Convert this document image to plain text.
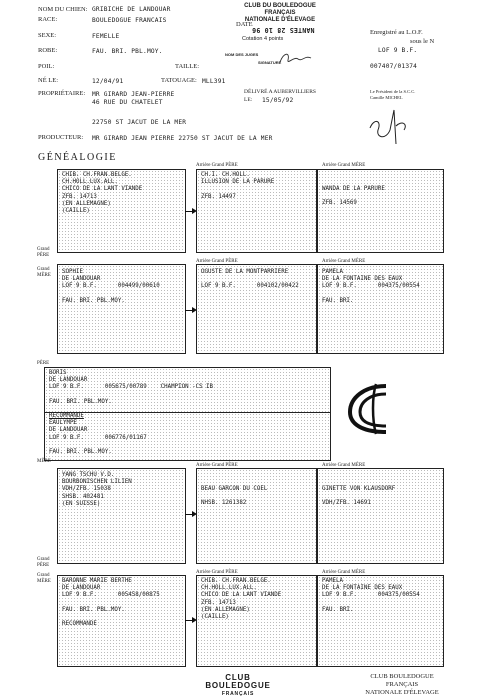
NOM DU CHIEN: GRIBICHE DE LANDOUAR
RACE:	BOULEDOGUE FRANCAIS
SEXE:	FEMELLE
ROBE:	FAU. BRI. PBL.MOY.
POIL:	TAILLE:
NÉ LE:	12/04/91	TATOUAGE: MLL391
PROPRIÉTAIRE: MR GIRARD JEAN-PIERRE
46 RUE DU CHATELET
22750 ST JACUT DE LA MER
PRODUCTEUR: MR GIRARD JEAN PIERRE 22750 ST JACUT DE LA MER
CLUB DU BOULEDOGUE FRANÇAIS
NATIONALE D'ÉLEVAGE
DATE
NANTES 28 10 96
Cotation 4 points
NOM DES JUGES
SIGNATURE
DÉLIVRÉ A AUBERVILLIERS
LE: 15/05/92
Enregistré au L.O.F.
sous le N
LOF 9 B.F.
007407/01374
Le Président de la S.C.C.
Camille MICHEL
GÉNÉALOGIE
Arrière Grand PÈRE	Arrière Grand MÈRE
CHIB. CH.FRAN.BELGE.
CH.HOLL.LUX.ALL.
CHICO DE LA LANT VIANDE
ZFB. 14713
(EN ALLEMAGNE)
(CAILLE)
CH.I. CH.HOLL.
ILLUSION DE LA PARURE

ZFB. 14497
WANDA DE LA PARURE

ZFB. 14569
Grand PÈRE
Grand MÈRE
Arrière Grand PÈRE	Arrière Grand MÈRE
SOPHIE
DE LANDOUAR
LOF 9 B.F.      004499/00610

FAU. BRI. PBL.MOY.
OGUSTE DE LA MONTPARRIERE

LOF 9 B.F.      004102/00422
PAMELA
DE LA FONTAINE DES EAUX
LOF 9 B.F.      004375/00554

FAU. BRI.
PÈRE
BORIS
DE LANDOUAR
LOF 9 B.F.      005675/00789    CHAMPION -CS IB

FAU. BRI. PBL.MOY.
RECOMMANDE
EAULYMPE
DE LANDOUAR
LOF 9 B.F.      006776/01167

FAU. BRI. PBL.MOY.
MÈRE
Arrière Grand PÈRE	Arrière Grand MÈRE
YANG TSCHU V.D.
BOURBONISCHEN LILIEN
VDH/ZFB. 15038
SHSB. 402481
(EN SUISSE)
BEAU GARCON DU COEL

NHSB. 1261382
GINETTE VON KLAUSDORF

VDH/ZFB. 14691
Grand PÈRE
Grand MÈRE
Arrière Grand PÈRE	Arrière Grand MÈRE
BARONNE MARIE BERTHE
DE LANDOUAR
LOF 9 B.F.      005458/00875

FAU. BRI. PBL.MOY.

RECOMMANDE
CHIB. CH.FRAN.BELGE.
CH.HOLL.LUX.ALL.
CHICO DE LA LANT VIANDE
ZFB. 14713
(EN ALLEMAGNE)
(CAILLE)
PAMELA
DE LA FONTAINE DES EAUX
LOF 9 B.F.      004375/00554

FAU. BRI.
CLUB BOULEDOGUE
FRANÇAIS
CLUB BOULEDOGUE FRANÇAIS
NATIONALE D'ÉLEVAGE
